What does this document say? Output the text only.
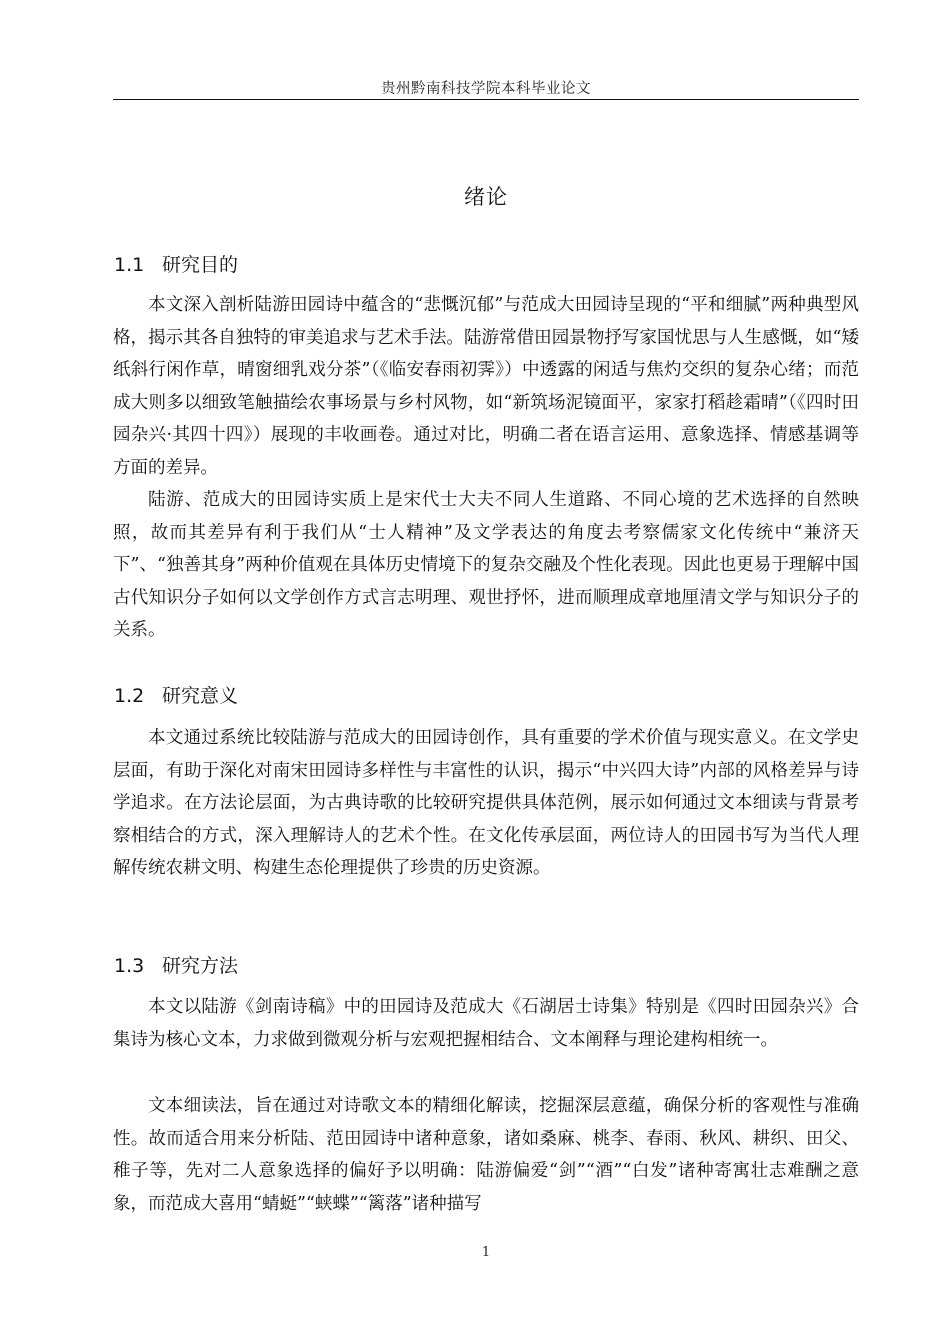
贵州黔南科技学院本科毕业论文
绪论
1.1 研究目的

本文深入剖析陆游田园诗中蕴含的“悲慨沉郁”与范成大田园诗呈现的“平和细腻”两种典型风格，揭示其各自独特的审美追求与艺术手法。陆游常借田园景物抒写家国忧思与人生感慨，如“矮纸斜行闲作草，晴窗细乳戏分茶”（《临安春雨初霁》）中透露的闲适与焦灼交织的复杂心绪；而范成大则多以细致笔触描绘农事场景与乡村风物，如“新筑场泥镜面平，家家打稻趁霜晴”（《四时田园杂兴·其四十四》）展现的丰收画卷。通过对比，明确二者在语言运用、意象选择、情感基调等方面的差异。

陆游、范成大的田园诗实质上是宋代士大夫不同人生道路、不同心境的艺术选择的自然映照，故而其差异有利于我们从“士人精神”及文学表达的角度去考察儒家文化传统中“兼济天下”、“独善其身”两种价值观在具体历史情境下的复杂交融及个性化表现。因此也更易于理解中国古代知识分子如何以文学创作方式言志明理、观世抒怀，进而顺理成章地厘清文学与知识分子的关系。

1.2 研究意义

本文通过系统比较陆游与范成大的田园诗创作，具有重要的学术价值与现实意义。在文学史层面，有助于深化对南宋田园诗多样性与丰富性的认识，揭示“中兴四大诗”内部的风格差异与诗学追求。在方法论层面，为古典诗歌的比较研究提供具体范例，展示如何通过文本细读与背景考察相结合的方式，深入理解诗人的艺术个性。在文化传承层面，两位诗人的田园书写为当代人理解传统农耕文明、构建生态伦理提供了珍贵的历史资源。

1.3 研究方法

本文以陆游《剑南诗稿》中的田园诗及范成大《石湖居士诗集》特别是《四时田园杂兴》合集诗为核心文本，力求做到微观分析与宏观把握相结合、文本阐释与理论建构相统一。

文本细读法，旨在通过对诗歌文本的精细化解读，挖掘深层意蕴，确保分析的客观性与准确性。故而适合用来分析陆、范田园诗中诸种意象，诸如桑麻、桃李、春雨、秋风、耕织、田父、稚子等，先对二人意象选择的偏好予以明确：陆游偏爱“剑”“酒”“白发”诸种寄寓壮志难酬之意象，而范成大喜用“蜻蜓”“蛱蝶”“篱落”诸种描写

1
